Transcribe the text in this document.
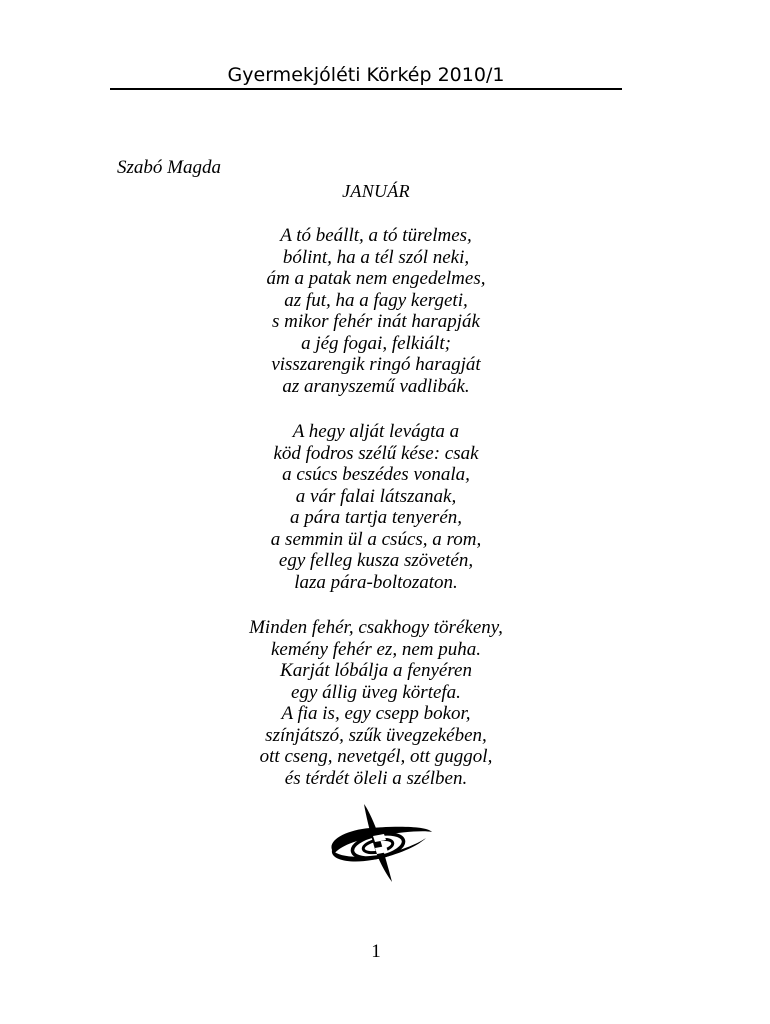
Gyermekjóléti Körkép 2010/1
Szabó Magda
JANUÁR
A tó beállt, a tó türelmes,
bólint, ha a tél szól neki,
ám a patak nem engedelmes,
az fut, ha a fagy kergeti,
s mikor fehér inát harapják
a jég fogai, felkiált;
visszarengik ringó haragját
az aranyszemű vadlibák.
A hegy alját levágta a
köd fodros szélű kése: csak
a csúcs beszédes vonala,
a vár falai látszanak,
a pára tartja tenyerén,
a semmin ül a csúcs, a rom,
egy felleg kusza szövetén,
laza pára-boltozaton.
Minden fehér, csakhogy törékeny,
kemény fehér ez, nem puha.
Karját lóbálja a fenyéren
egy állig üveg körtefa.
A fia is, egy csepp bokor,
színjátszó, szűk üvegzekében,
ott cseng, nevetgél, ott guggol,
és térdét öleli a szélben.
1
